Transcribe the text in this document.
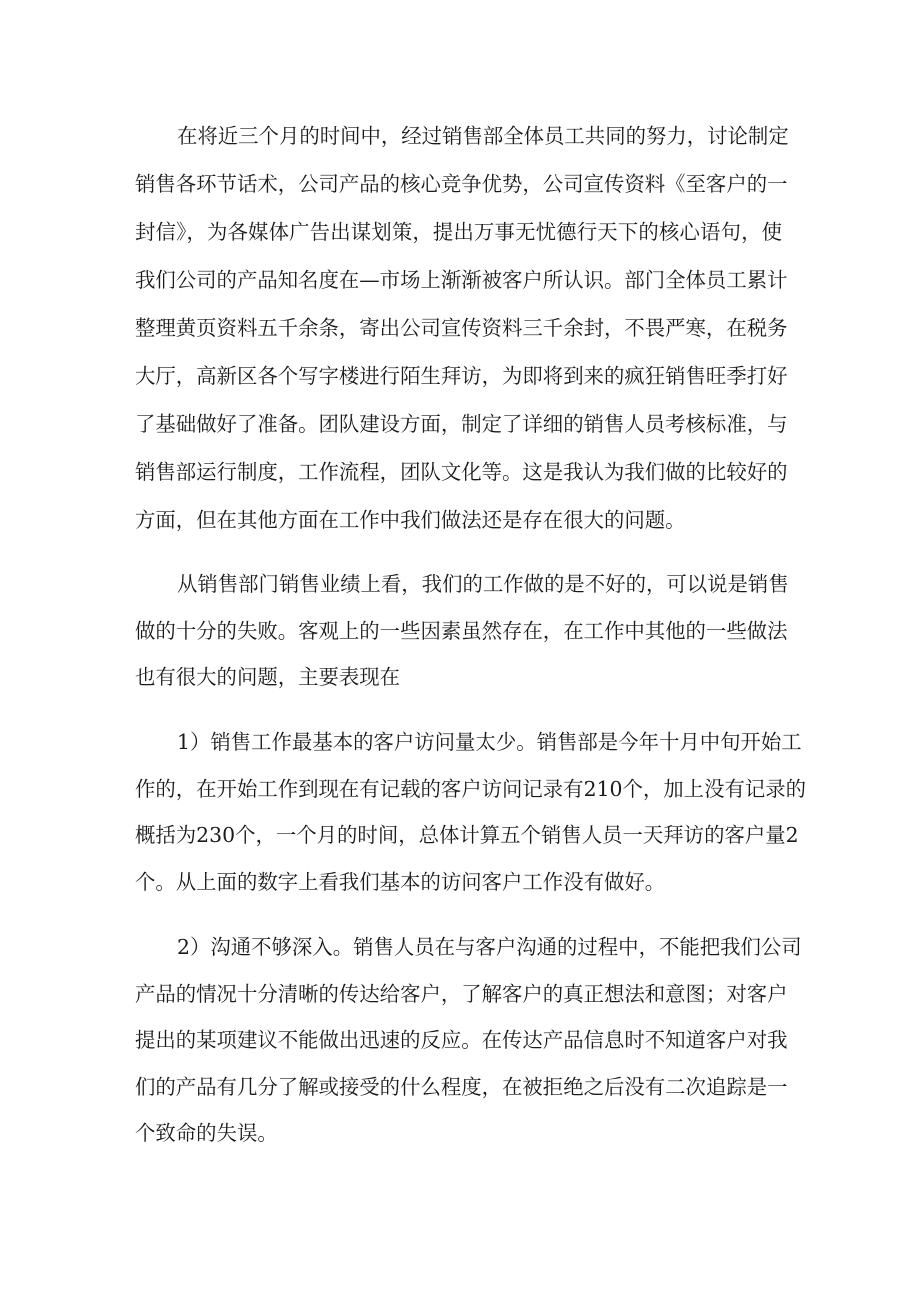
在将近三个月的时间中，经过销售部全体员工共同的努力，讨论制定
销售各环节话术，公司产品的核心竞争优势，公司宣传资料《至客户的一
封信》，为各媒体广告出谋划策，提出万事无忧德行天下的核心语句，使
我们公司的产品知名度在—市场上渐渐被客户所认识。部门全体员工累计
整理黄页资料五千余条，寄出公司宣传资料三千余封，不畏严寒，在税务
大厅，高新区各个写字楼进行陌生拜访，为即将到来的疯狂销售旺季打好
了基础做好了准备。团队建设方面，制定了详细的销售人员考核标准，与
销售部运行制度，工作流程，团队文化等。这是我认为我们做的比较好的
方面，但在其他方面在工作中我们做法还是存在很大的问题。
从销售部门销售业绩上看，我们的工作做的是不好的，可以说是销售
做的十分的失败。客观上的一些因素虽然存在，在工作中其他的一些做法
也有很大的问题，主要表现在
1）销售工作最基本的客户访问量太少。销售部是今年十月中旬开始工
作的，在开始工作到现在有记载的客户访问记录有210个，加上没有记录的
概括为230个，一个月的时间，总体计算五个销售人员一天拜访的客户量2
个。从上面的数字上看我们基本的访问客户工作没有做好。
2）沟通不够深入。销售人员在与客户沟通的过程中，不能把我们公司
产品的情况十分清晰的传达给客户，了解客户的真正想法和意图；对客户
提出的某项建议不能做出迅速的反应。在传达产品信息时不知道客户对我
们的产品有几分了解或接受的什么程度，在被拒绝之后没有二次追踪是一
个致命的失误。
